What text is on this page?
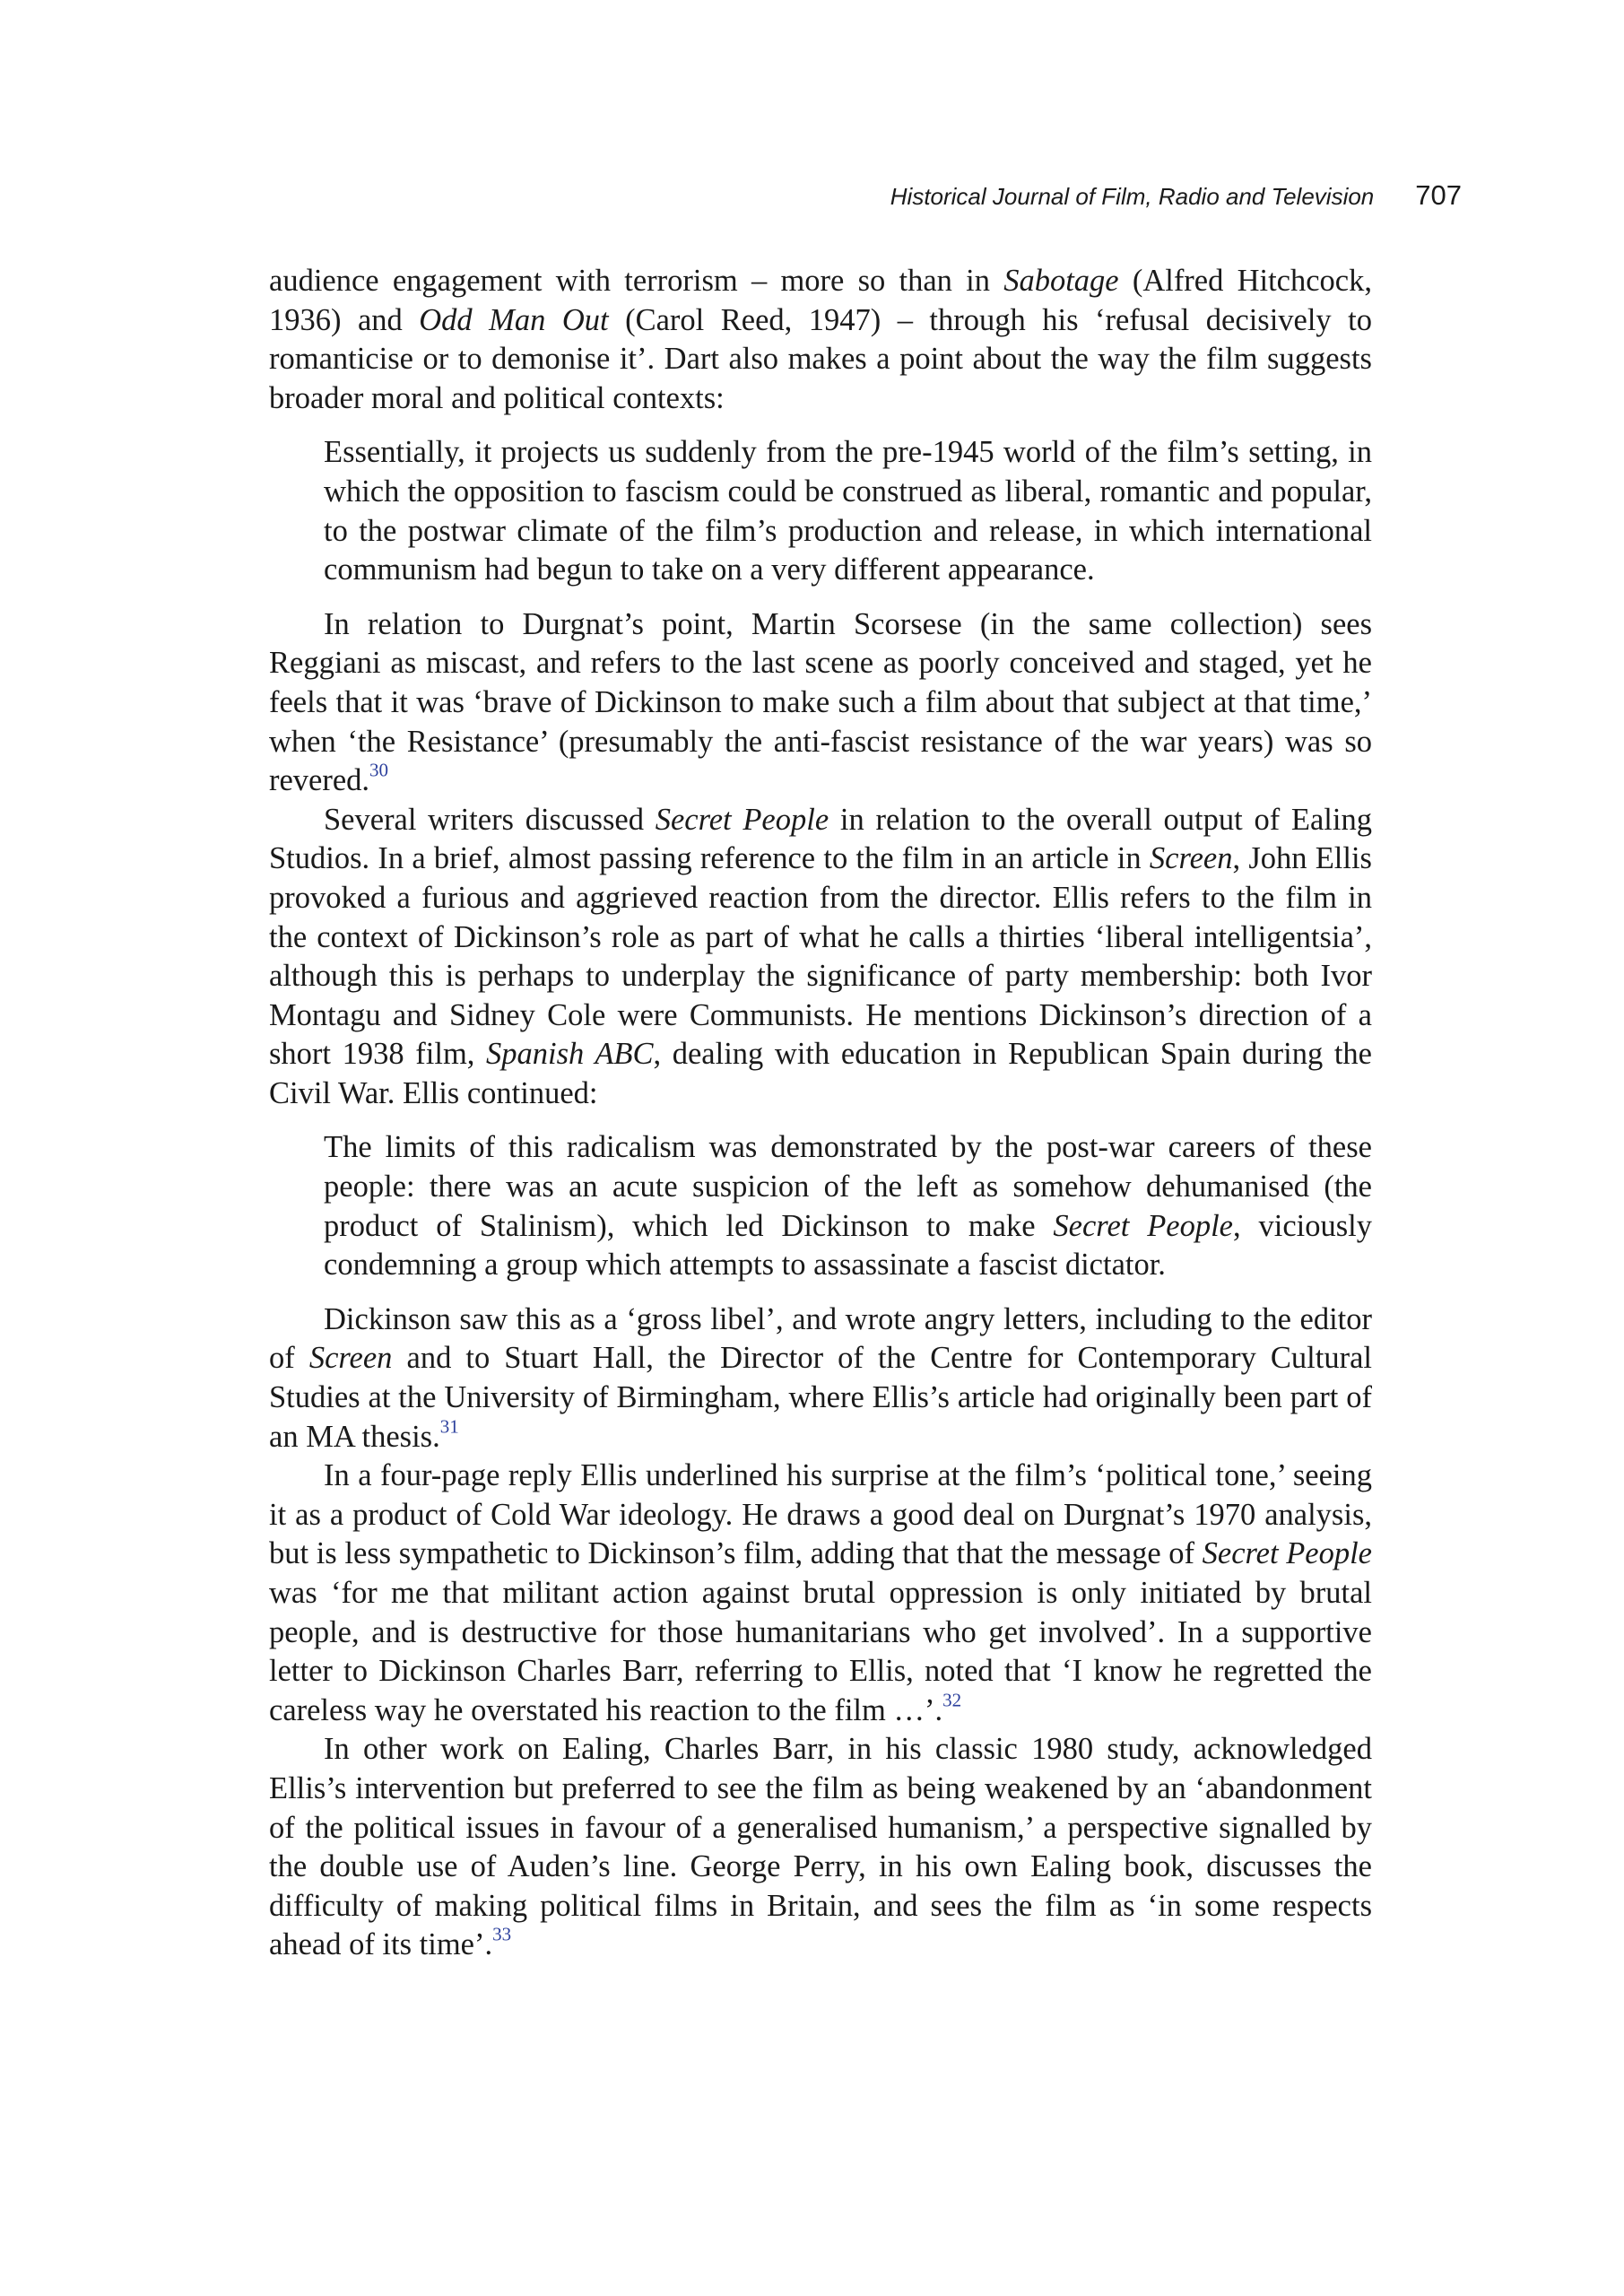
Historical Journal of Film, Radio and Television 707

audience engagement with terrorism – more so than in Sabotage (Alfred Hitchcock, 1936) and Odd Man Out (Carol Reed, 1947) – through his ‘refusal decisively to romanticise or to demonise it’. Dart also makes a point about the way the film suggests broader moral and political contexts:

Essentially, it projects us suddenly from the pre-1945 world of the film’s setting, in which the opposition to fascism could be construed as liberal, romantic and popular, to the postwar climate of the film’s production and release, in which international communism had begun to take on a very different appearance.

In relation to Durgnat’s point, Martin Scorsese (in the same collection) sees Reggiani as miscast, and refers to the last scene as poorly conceived and staged, yet he feels that it was ‘brave of Dickinson to make such a film about that subject at that time,’ when ‘the Resistance’ (presumably the anti-fascist resistance of the war years) was so revered.$^{30}$

Several writers discussed Secret People in relation to the overall output of Ealing Studios. In a brief, almost passing reference to the film in an article in Screen, John Ellis provoked a furious and aggrieved reaction from the director. Ellis refers to the film in the context of Dickinson’s role as part of what he calls a thirties ‘liberal intelligentsia’, although this is perhaps to underplay the significance of party membership: both Ivor Montagu and Sidney Cole were Communists. He mentions Dickinson’s direction of a short 1938 film, Spanish ABC, dealing with education in Republican Spain during the Civil War. Ellis continued:

The limits of this radicalism was demonstrated by the post-war careers of these people: there was an acute suspicion of the left as somehow dehumanised (the product of Stalinism), which led Dickinson to make Secret People, viciously condemning a group which attempts to assassinate a fascist dictator.

Dickinson saw this as a ‘gross libel’, and wrote angry letters, including to the editor of Screen and to Stuart Hall, the Director of the Centre for Contemporary Cultural Studies at the University of Birmingham, where Ellis’s article had originally been part of an MA thesis.$^{31}$

In a four-page reply Ellis underlined his surprise at the film’s ‘political tone,’ seeing it as a product of Cold War ideology. He draws a good deal on Durgnat’s 1970 analysis, but is less sympathetic to Dickinson’s film, adding that that the message of Secret People was ‘for me that militant action against brutal oppression is only initiated by brutal people, and is destructive for those humanitarians who get involved’. In a supportive letter to Dickinson Charles Barr, referring to Ellis, noted that ‘I know he regretted the careless way he overstated his reaction to the film …’.$^{32}$

In other work on Ealing, Charles Barr, in his classic 1980 study, acknowledged Ellis’s intervention but preferred to see the film as being weakened by an ‘abandonment of the political issues in favour of a generalised humanism,’ a perspective signalled by the double use of Auden’s line. George Perry, in his own Ealing book, discusses the difficulty of making political films in Britain, and sees the film as ‘in some respects ahead of its time’.$^{33}$
